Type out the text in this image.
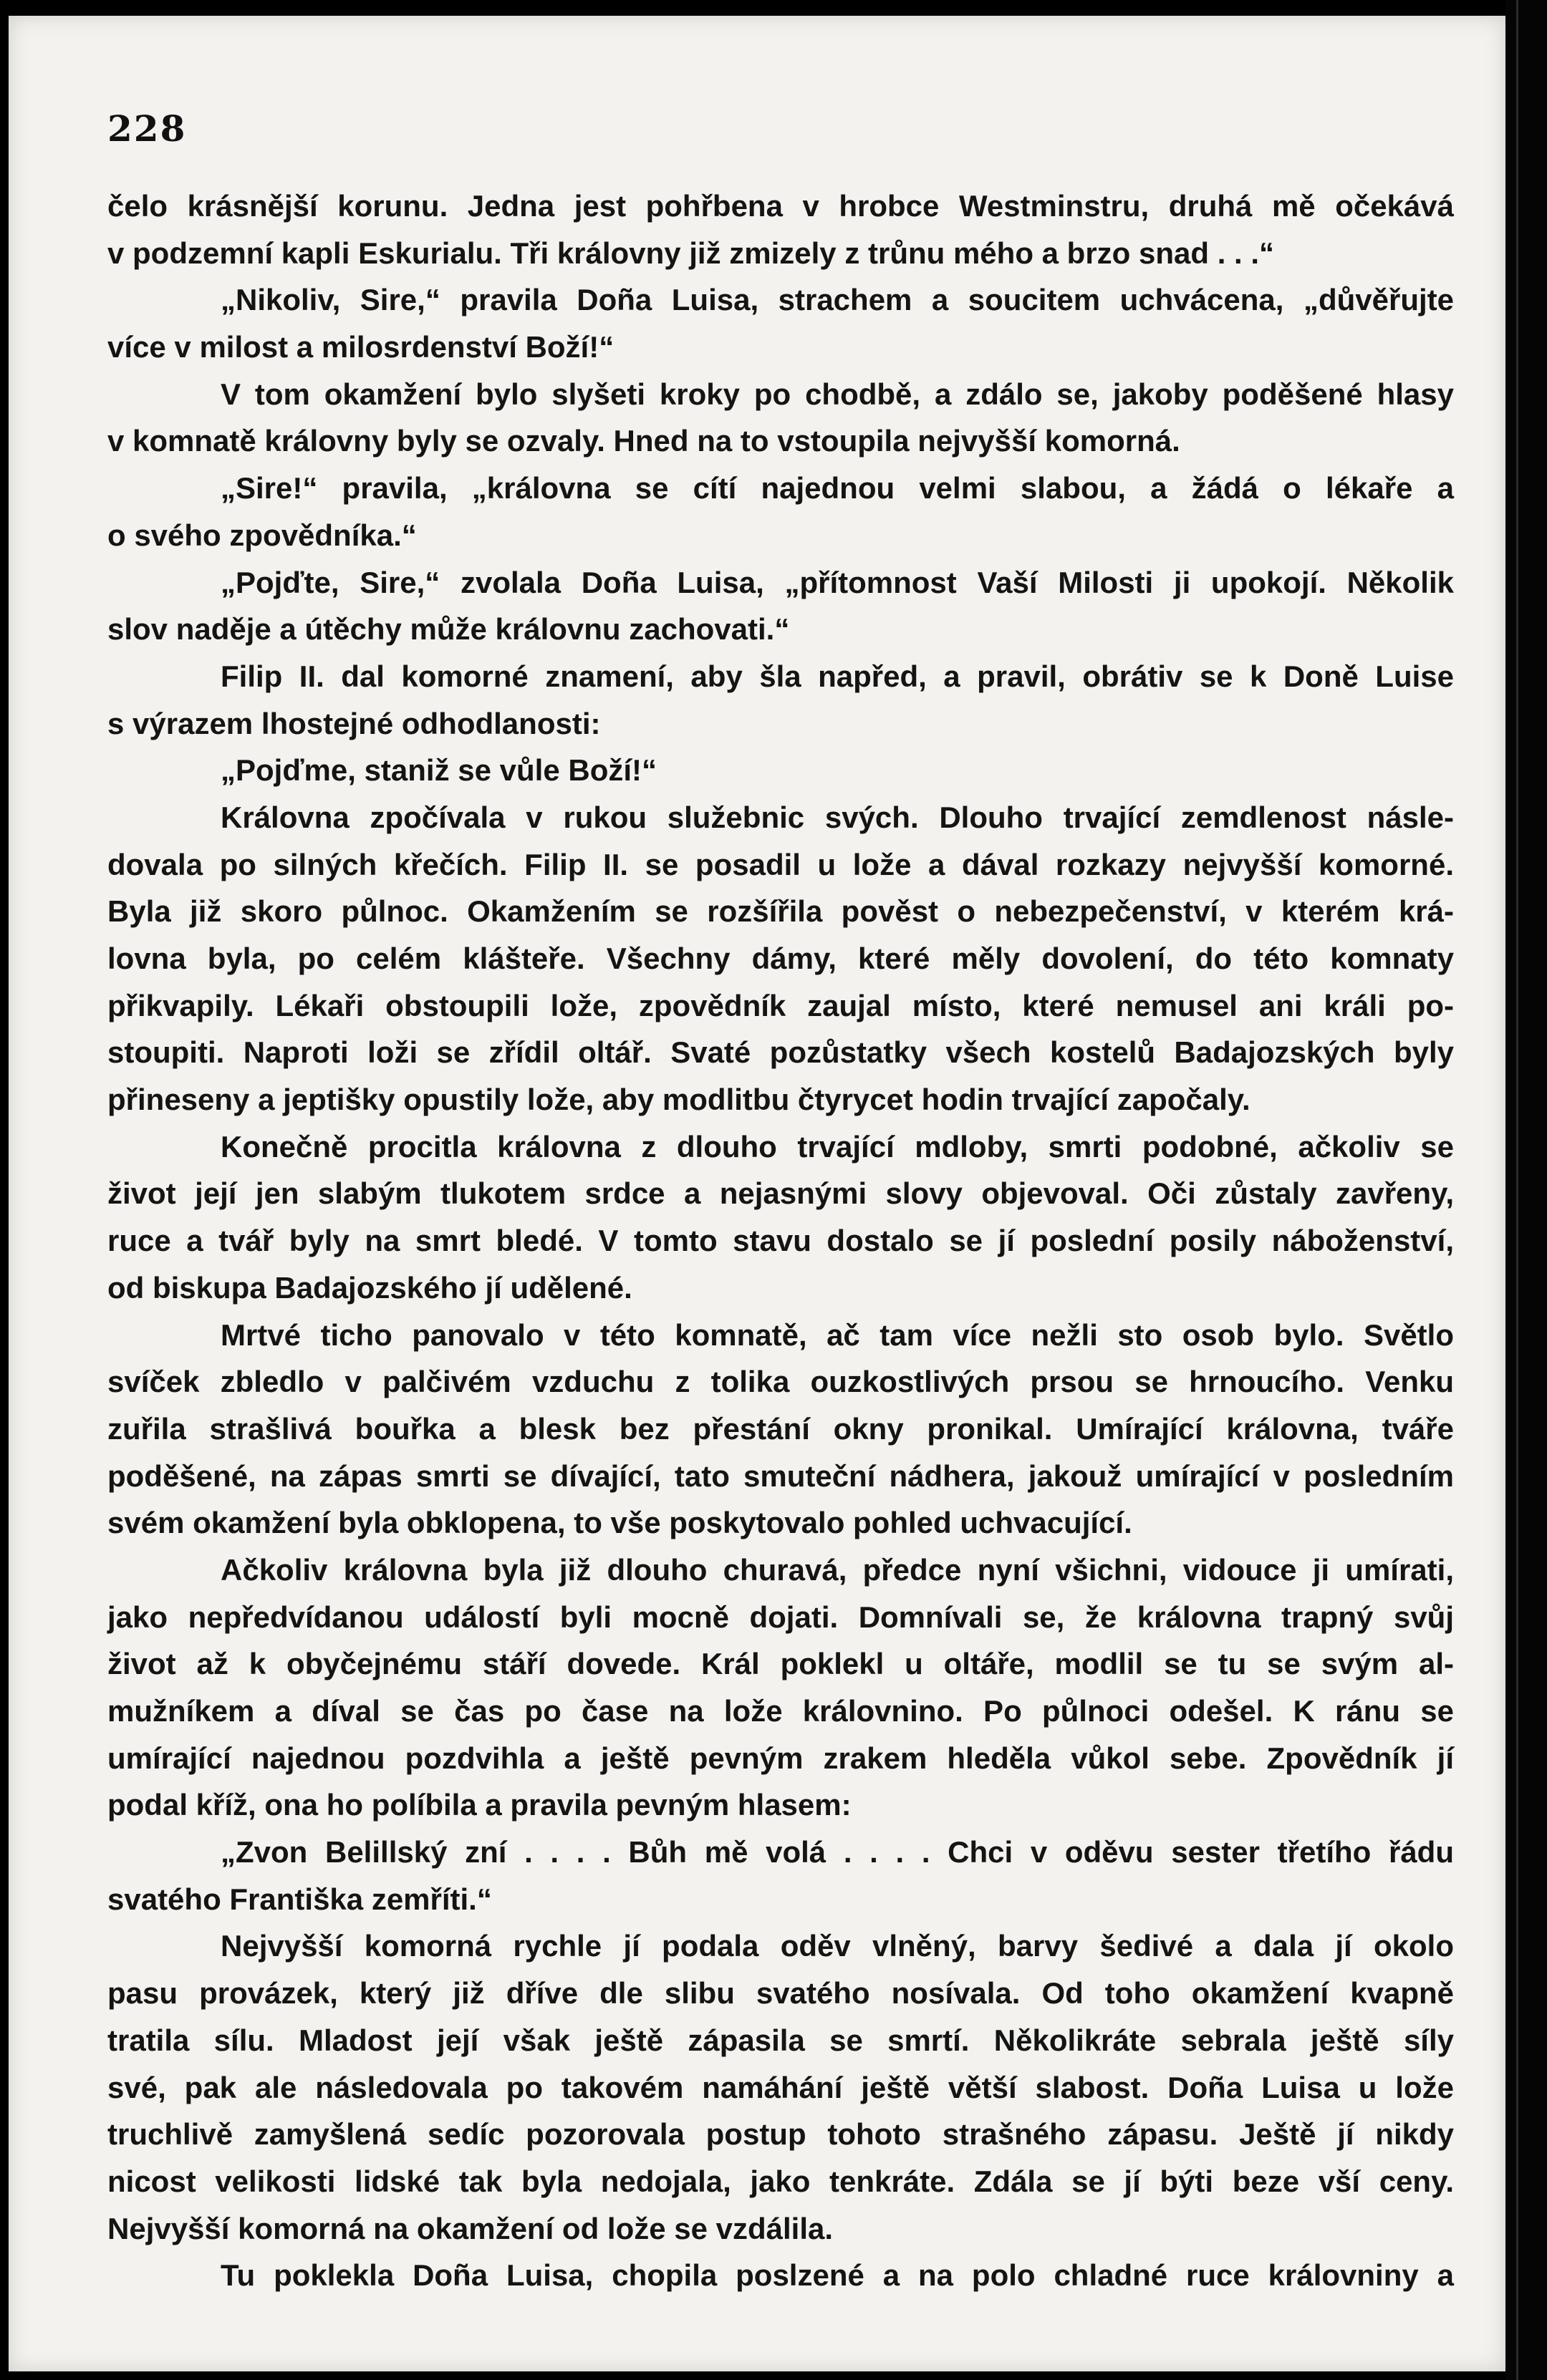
228
čelo krásnější korunu. Jedna jest pohřbena v hrobce Westminstru, druhá mě očekává
v podzemní kapli Eskurialu. Tři královny již zmizely z trůnu mého a brzo snad . . .“
„Nikoliv, Sire,“ pravila Doña Luisa, strachem a soucitem uchvácena, „důvěřujte
více v milost a milosrdenství Boží!“
V tom okamžení bylo slyšeti kroky po chodbě, a zdálo se, jakoby poděšené hlasy
v komnatě královny byly se ozvaly. Hned na to vstoupila nejvyšší komorná.
„Sire!“ pravila, „královna se cítí najednou velmi slabou, a žádá o lékaře a
o svého zpovědníka.“
„Pojďte, Sire,“ zvolala Doña Luisa, „přítomnost Vaší Milosti ji upokojí. Několik
slov naděje a útěchy může královnu zachovati.“
Filip II. dal komorné znamení, aby šla napřed, a pravil, obrátiv se k Doně Luise
s výrazem lhostejné odhodlanosti:
„Pojďme, staniž se vůle Boží!“
Královna zpočívala v rukou služebnic svých. Dlouho trvající zemdlenost násle-
dovala po silných křečích. Filip II. se posadil u lože a dával rozkazy nejvyšší komorné.
Byla již skoro půlnoc. Okamžením se rozšířila pověst o nebezpečenství, v kterém krá-
lovna byla, po celém klášteře. Všechny dámy, které měly dovolení, do této komnaty
přikvapily. Lékaři obstoupili lože, zpovědník zaujal místo, které nemusel ani králi po-
stoupiti. Naproti loži se zřídil oltář. Svaté pozůstatky všech kostelů Badajozských byly
přineseny a jeptišky opustily lože, aby modlitbu čtyrycet hodin trvající započaly.
Konečně procitla královna z dlouho trvající mdloby, smrti podobné, ačkoliv se
život její jen slabým tlukotem srdce a nejasnými slovy objevoval. Oči zůstaly zavřeny,
ruce a tvář byly na smrt bledé. V tomto stavu dostalo se jí poslední posily náboženství,
od biskupa Badajozského jí udělené.
Mrtvé ticho panovalo v této komnatě, ač tam více nežli sto osob bylo. Světlo
svíček zbledlo v palčivém vzduchu z tolika ouzkostlivých prsou se hrnoucího. Venku
zuřila strašlivá bouřka a blesk bez přestání okny pronikal. Umírající královna, tváře
poděšené, na zápas smrti se dívající, tato smuteční nádhera, jakouž umírající v posledním
svém okamžení byla obklopena, to vše poskytovalo pohled uchvacující.
Ačkoliv královna byla již dlouho churavá, předce nyní všichni, vidouce ji umírati,
jako nepředvídanou událostí byli mocně dojati. Domnívali se, že královna trapný svůj
život až k obyčejnému stáří dovede. Král poklekl u oltáře, modlil se tu se svým al-
mužníkem a díval se čas po čase na lože královnino. Po půlnoci odešel. K ránu se
umírající najednou pozdvihla a ještě pevným zrakem hleděla vůkol sebe. Zpovědník jí
podal kříž, ona ho políbila a pravila pevným hlasem:
„Zvon Belillský zní . . . . Bůh mě volá . . . . Chci v oděvu sester třetího řádu
svatého Františka zemříti.“
Nejvyšší komorná rychle jí podala oděv vlněný, barvy šedivé a dala jí okolo
pasu provázek, který již dříve dle slibu svatého nosívala. Od toho okamžení kvapně
tratila sílu. Mladost její však ještě zápasila se smrtí. Několikráte sebrala ještě síly
své, pak ale následovala po takovém namáhání ještě větší slabost. Doña Luisa u lože
truchlivě zamyšlená sedíc pozorovala postup tohoto strašného zápasu. Ještě jí nikdy
nicost velikosti lidské tak byla nedojala, jako tenkráte. Zdála se jí býti beze vší ceny.
Nejvyšší komorná na okamžení od lože se vzdálila.
Tu poklekla Doña Luisa, chopila poslzené a na polo chladné ruce královniny a
